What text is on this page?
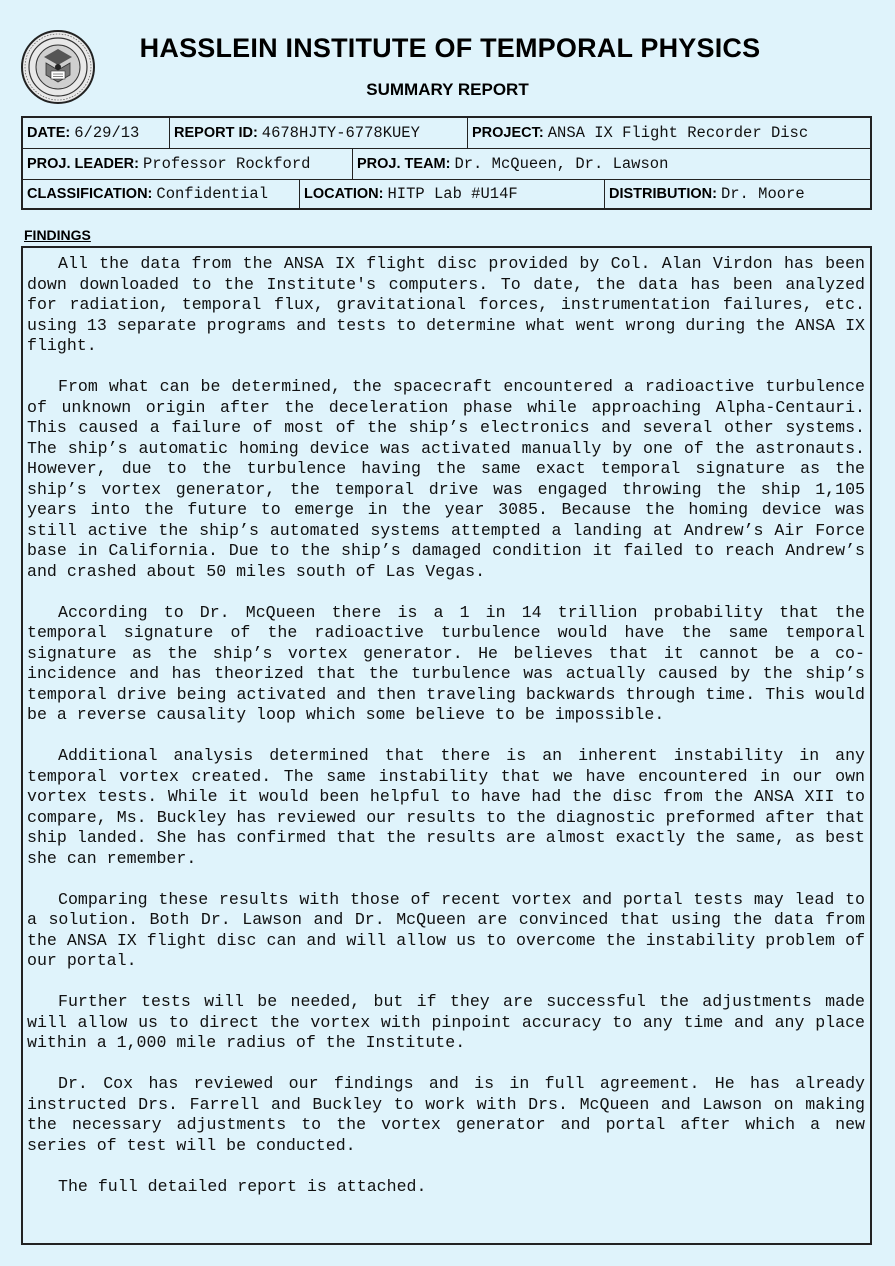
HASSLEIN INSTITUTE OF TEMPORAL PHYSICS
SUMMARY REPORT
DATE: 6/29/13 REPORT ID: 4678HJTY-6778KUEY	PROJECT: ANSA IX Flight Recorder Disc
PROJ. LEADER: Professor Rockford	PROJ. TEAM: Dr. McQueen, Dr. Lawson
CLASSIFICATION: Confidential LOCATION: HITP Lab #U14F	DISTRIBUTION: Dr. Moore
FINDINGS

All the data from the ANSA IX flight disc provided by Col. Alan Virdon has been down downloaded to the Institute's computers. To date, the data has been analyzed for radiation, temporal flux, gravitational forces, instrumentation failures, etc. using 13 separate programs and tests to determine what went wrong during the ANSA IX flight.

From what can be determined, the spacecraft encountered a radioactive turbulence of unknown origin after the deceleration phase while approaching Alpha-Centauri. This caused a failure of most of the ship’s electronics and several other systems. The ship’s automatic homing device was activated manually by one of the astronauts. However, due to the turbulence having the same exact temporal signature as the ship’s vortex generator, the temporal drive was engaged throwing the ship 1,105 years into the future to emerge in the year 3085. Because the homing device was still active the ship’s automated systems attempted a landing at Andrew’s Air Force base in California. Due to the ship’s damaged condition it failed to reach Andrew’s and crashed about 50 miles south of Las Vegas.

According to Dr. McQueen there is a 1 in 14 trillion probability that the temporal signature of the radioactive turbulence would have the same temporal signature as the ship’s vortex generator. He believes that it cannot be a coincidence and has theorized that the turbulence was actually caused by the ship’s temporal drive being activated and then traveling backwards through time. This would be a reverse causality loop which some believe to be impossible.

Additional analysis determined that there is an inherent instability in any temporal vortex created. The same instability that we have encountered in our own vortex tests. While it would been helpful to have had the disc from the ANSA XII to compare, Ms. Buckley has reviewed our results to the diagnostic preformed after that ship landed. She has confirmed that the results are almost exactly the same, as best she can remember.

Comparing these results with those of recent vortex and portal tests may lead to a solution. Both Dr. Lawson and Dr. McQueen are convinced that using the data from the ANSA IX flight disc can and will allow us to overcome the instability problem of our portal.

Further tests will be needed, but if they are successful the adjustments made will allow us to direct the vortex with pinpoint accuracy to any time and any place within a 1,000 mile radius of the Institute.

Dr. Cox has reviewed our findings and is in full agreement. He has already instructed Drs. Farrell and Buckley to work with Drs. McQueen and Lawson on making the necessary adjustments to the vortex generator and portal after which a new series of test will be conducted.

The full detailed report is attached.
